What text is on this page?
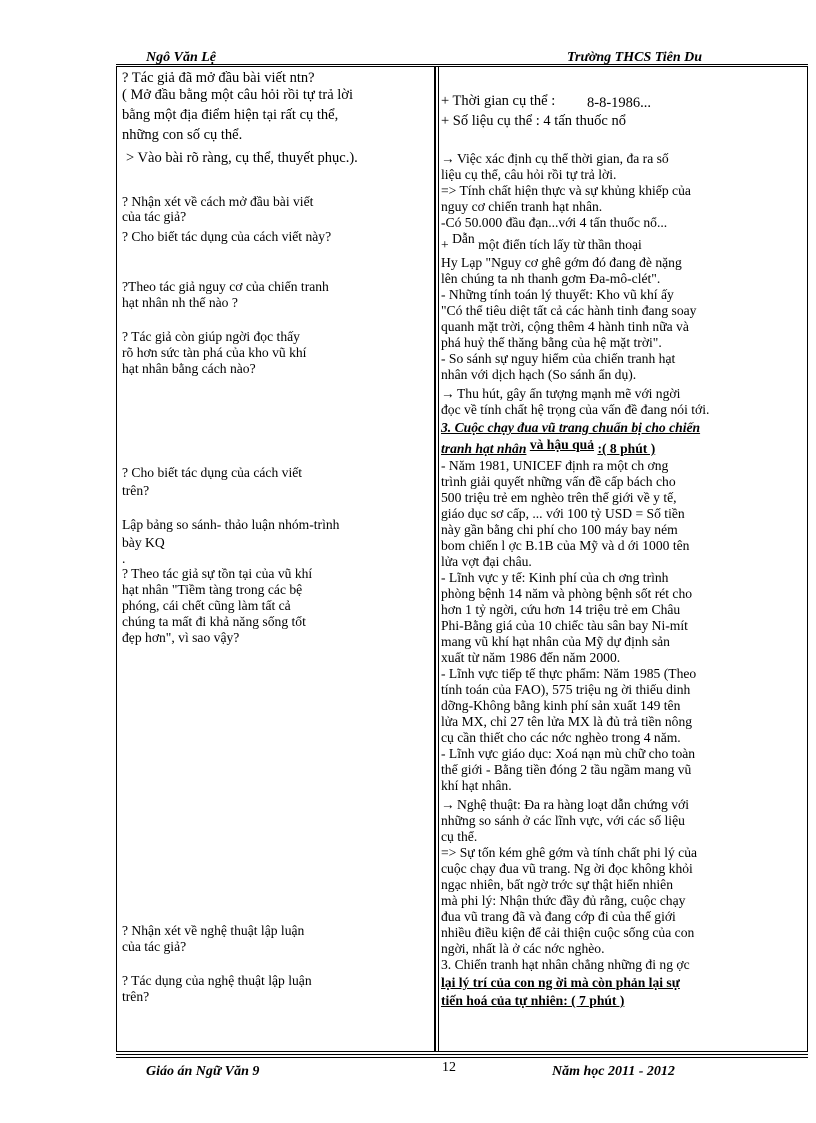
Ngô Văn Lệ	Trường THCS Tiên Du
? Tác giả đã mở đầu bài viết ntn?
( Mở đầu bằng một câu hỏi rồi tự trả lời
bằng một địa điểm hiện tại rất cụ thể,
những con số cụ thể.
> Vào bài rõ ràng, cụ thể, thuyết phục.).
? Nhận xét về cách mở đầu bài viết
của tác giả?
? Cho biết tác dụng của cách viết này?
?Theo tác giả nguy cơ của chiến tranh
hạt nhân nh thế nào ?
? Tác giả còn giúp ngời đọc thấy
rõ hơn sức tàn phá của kho vũ khí
hạt nhân bằng cách nào?
? Cho biết tác dụng của cách viết
trên?
Lập bảng so sánh- thảo luận nhóm-trình
bày KQ
.
? Theo tác giả sự tồn tại của vũ khí
hạt nhân "Tiềm tàng trong các bệ
phóng, cái chết cũng làm tất cả
chúng ta mất đi khả năng sống tốt
đẹp hơn", vì sao vậy?
? Nhận xét về nghệ thuật lập luận
của tác giả?
? Tác dụng của nghệ thuật lập luận
trên?
+ Thời gian cụ thể : 8-8-1986...
+ Số liệu cụ thể : 4 tấn thuốc nổ
→ Việc xác định cụ thể thời gian, đa ra số
liệu cụ thể, câu hỏi rồi tự trả lời.
=> Tính chất hiện thực và sự khủng khiếp của
nguy cơ chiến tranh hạt nhân.
-Có 50.000 đầu đạn...với 4 tấn thuốc nổ...
+ Dẫn một điển tích lấy từ thần thoại
Hy Lạp "Nguy cơ ghê gớm đó đang đè nặng
lên chúng ta nh thanh gơm Đa-mô-clét".
- Những tính toán lý thuyết: Kho vũ khí ấy
"Có thể tiêu diệt tất cả các hành tinh đang soay
quanh mặt trời, cộng thêm 4 hành tinh nữa và
phá huỷ thế thăng bằng của hệ mặt trời".
- So sánh sự nguy hiểm của chiến tranh hạt
nhân với dịch hạch (So sánh ẩn dụ).
→ Thu hút, gây ấn tượng mạnh mẽ với ngời
đọc về tính chất hệ trọng của vấn đề đang nói tới.
3. Cuộc chạy đua vũ trang chuẩn bị cho chiến
tranh hạt nhân và hậu quả :( 8 phút )
- Năm 1981, UNICEF định ra một ch ơng
trình giải quyết những vấn đề cấp bách cho
500 triệu trẻ em nghèo trên thế giới về y tế,
giáo dục sơ cấp, ... với 100 tỷ USD = Số tiền
này gần bằng chi phí cho 100 máy bay ném
bom chiến l ợc B.1B của Mỹ và d ới 1000 tên
lửa vợt đại châu.
- Lĩnh vực y tế: Kinh phí của ch ơng trình
phòng bệnh 14 năm và phòng bệnh sốt rét cho
hơn 1 tỷ ngời, cứu hơn 14 triệu trẻ em Châu
Phi-Bằng giá của 10 chiếc tàu sân bay Ni-mít
mang vũ khí hạt nhân của Mỹ dự định sản
xuất từ năm 1986 đến năm 2000.
- Lĩnh vực tiếp tế thực phẩm: Năm 1985 (Theo
tính toán của FAO), 575 triệu ng ời thiếu dinh
dỡng-Không bằng kinh phí sản xuất 149 tên
lửa MX, chỉ 27 tên lửa MX là đủ trả tiền nông
cụ cần thiết cho các nớc nghèo trong 4 năm.
- Lĩnh vực giáo dục: Xoá nạn mù chữ cho toàn
thế giới - Bằng tiền đóng 2 tầu ngầm mang vũ
khí hạt nhân.
→ Nghệ thuật: Đa ra hàng loạt dẫn chứng với
những so sánh ở các lĩnh vực, với các số liệu
cụ thể.
=> Sự tốn kém ghê gớm và tính chất phi lý của
cuộc chạy đua vũ trang. Ng ời đọc không khỏi
ngạc nhiên, bất ngờ trớc sự thật hiển nhiên
mà phi lý: Nhận thức đầy đủ rằng, cuộc chạy
đua vũ trang đã và đang cớp đi của thế giới
nhiều điều kiện để cải thiện cuộc sống của con
ngời, nhất là ở các nớc nghèo.
3. Chiến tranh hạt nhân chẳng những đi ng ợc
lại lý trí của con ng ời mà còn phản lại sự
tiến hoá của tự nhiên: ( 7 phút )
Giáo án Ngữ Văn 9	12	Năm học 2011 - 2012
